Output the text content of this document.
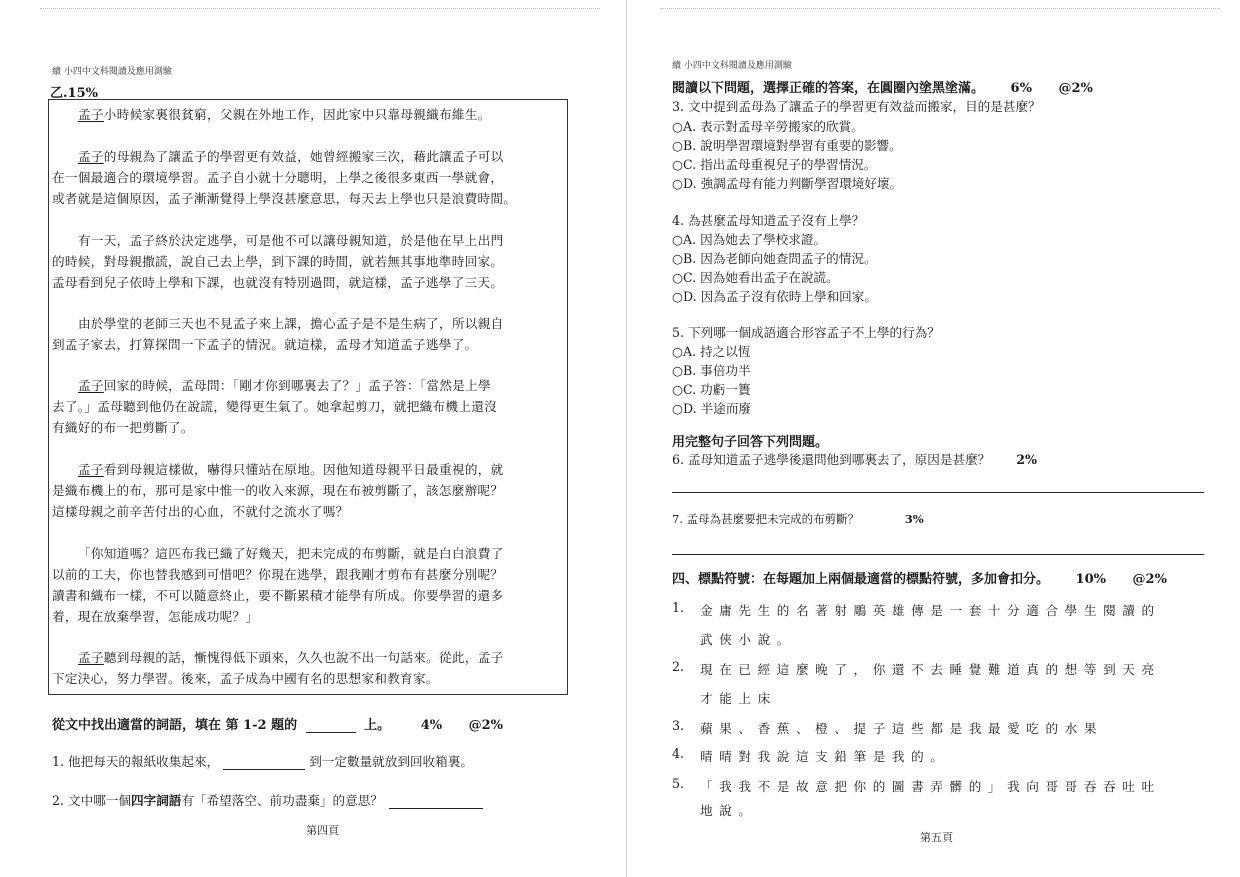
續 小四中文科閱讀及應用測驗
乙.15%
孟子小時候家裏很貧窮，父親在外地工作，因此家中只靠母親織布維生。
孟子的母親為了讓孟子的學習更有效益，她曾經搬家三次，藉此讓孟子可以
在一個最適合的環境學習。孟子自小就十分聰明，上學之後很多東西一學就會，
或者就是這個原因，孟子漸漸覺得上學沒甚麼意思，每天去上學也只是浪費時間。
有一天，孟子終於決定逃學，可是他不可以讓母親知道，於是他在早上出門
的時候，對母親撒謊，說自己去上學，到下課的時間，就若無其事地準時回家。
孟母看到兒子依時上學和下課，也就沒有特別過問，就這樣，孟子逃學了三天。
由於學堂的老師三天也不見孟子來上課，擔心孟子是不是生病了，所以親自
到孟子家去，打算探問一下孟子的情況。就這樣，孟母才知道孟子逃學了。
孟子回家的時候，孟母問：「剛才你到哪裏去了？」孟子答：「當然是上學
去了。」孟母聽到他仍在說謊，變得更生氣了。她拿起剪刀，就把織布機上還沒
有織好的布一把剪斷了。
孟子看到母親這樣做，嚇得只懂站在原地。因他知道母親平日最重視的，就
是織布機上的布，那可是家中惟一的收入來源，現在布被剪斷了，該怎麼辦呢？
這樣母親之前辛苦付出的心血，不就付之流水了嗎？
「你知道嗎？這匹布我已織了好幾天，把未完成的布剪斷，就是白白浪費了
以前的工夫，你也替我感到可惜吧？你現在逃學，跟我剛才剪布有甚麼分別呢？
讀書和織布一樣，不可以隨意終止，要不斷累積才能學有所成。你要學習的還多
着，現在放棄學習，怎能成功呢？」
孟子聽到母親的話，慚愧得低下頭來，久久也說不出一句話來。從此，孟子
下定決心，努力學習。後來，孟子成為中國有名的思想家和教育家。
從文中找出適當的詞語，填在 第 1-2 題的	上。 4% @2%
1. 他把每天的報紙收集起來，	到一定數量就放到回收箱裏。
2. 文中哪一個四字詞語有「希望落空、前功盡棄」的意思？
第四頁
續 小四中文科閱讀及應用測驗
閱讀以下問題，選擇正確的答案，在圓圈內塗黑塗滿。 6% @2%
3. 文中提到孟母為了讓孟子的學習更有效益而搬家，目的是甚麼？
○A. 表示對孟母辛勞搬家的欣賞。
○B. 說明學習環境對學習有重要的影響。
○C. 指出孟母重視兒子的學習情況。
○D. 強調孟母有能力判斷學習環境好壞。
4. 為甚麼孟母知道孟子沒有上學？
○A. 因為她去了學校求證。
○B. 因為老師向她查問孟子的情況。
○C. 因為她看出孟子在說謊。
○D. 因為孟子沒有依時上學和回家。
5. 下列哪一個成語適合形容孟子不上學的行為？
○A. 持之以恆
○B. 事倍功半
○C. 功虧一簣
○D. 半途而廢
用完整句子回答下列問題。
6. 孟母知道孟子逃學後還問他到哪裏去了，原因是甚麼？ 2%
7. 孟母為甚麼要把未完成的布剪斷？	3%
四、標點符號：在每題加上兩個最適當的標點符號，多加會扣分。 10% @2%
1. 金庸先生的名著射鵰英雄傳是一套十分適合學生閱讀的
武俠小說。
2. 現在已經這麼晚了，你還不去睡覺難道真的想等到天亮
才能上床
3. 蘋果、香蕉、橙、提子這些都是我最愛吃的水果
4. 晴晴對我說這支鉛筆是我的。
5. 「我我不是故意把你的圖書弄髒的」我向哥哥吞吞吐吐
地說。
第五頁
